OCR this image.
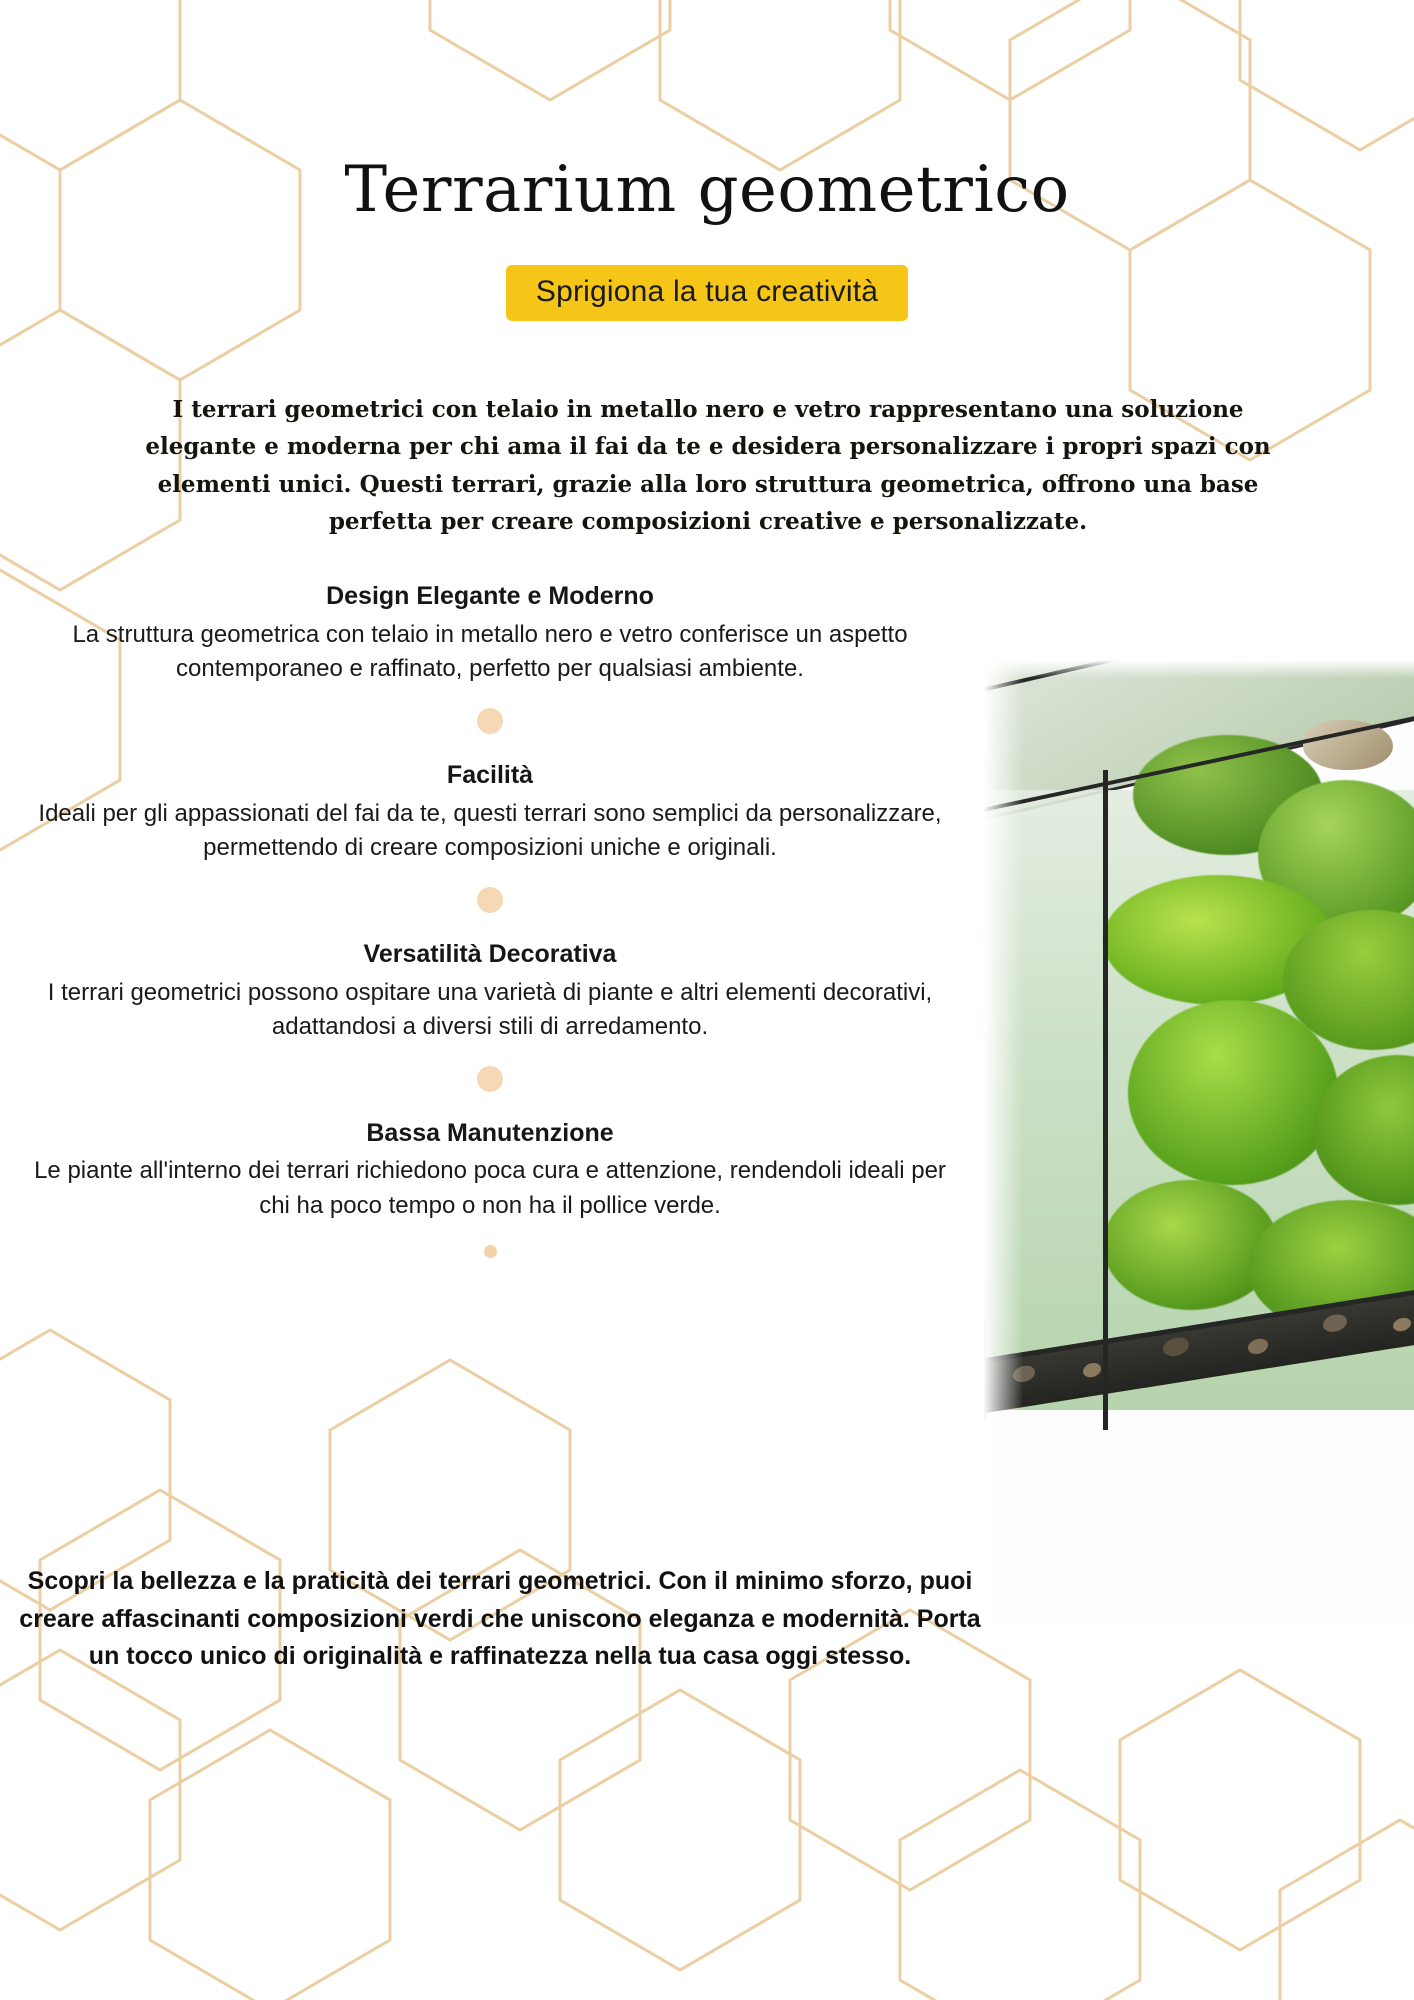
Terrarium geometrico
Sprigiona la tua creatività

I terrari geometrici con telaio in metallo nero e vetro rappresentano una soluzione elegante e moderna per chi ama il fai da te e desidera personalizzare i propri spazi con elementi unici. Questi terrari, grazie alla loro struttura geometrica, offrono una base perfetta per creare composizioni creative e personalizzate.

Design Elegante e Moderno

La struttura geometrica con telaio in metallo nero e vetro conferisce un aspetto contemporaneo e raffinato, perfetto per qualsiasi ambiente.

Facilità

Ideali per gli appassionati del fai da te, questi terrari sono semplici da personalizzare, permettendo di creare composizioni uniche e originali.

Versatilità Decorativa

I terrari geometrici possono ospitare una varietà di piante e altri elementi decorativi, adattandosi a diversi stili di arredamento.

Bassa Manutenzione

Le piante all'interno dei terrari richiedono poca cura e attenzione, rendendoli ideali per chi ha poco tempo o non ha il pollice verde.

Scopri la bellezza e la praticità dei terrari geometrici. Con il minimo sforzo, puoi creare affascinanti composizioni verdi che uniscono eleganza e modernità. Porta un tocco unico di originalità e raffinatezza nella tua casa oggi stesso.
